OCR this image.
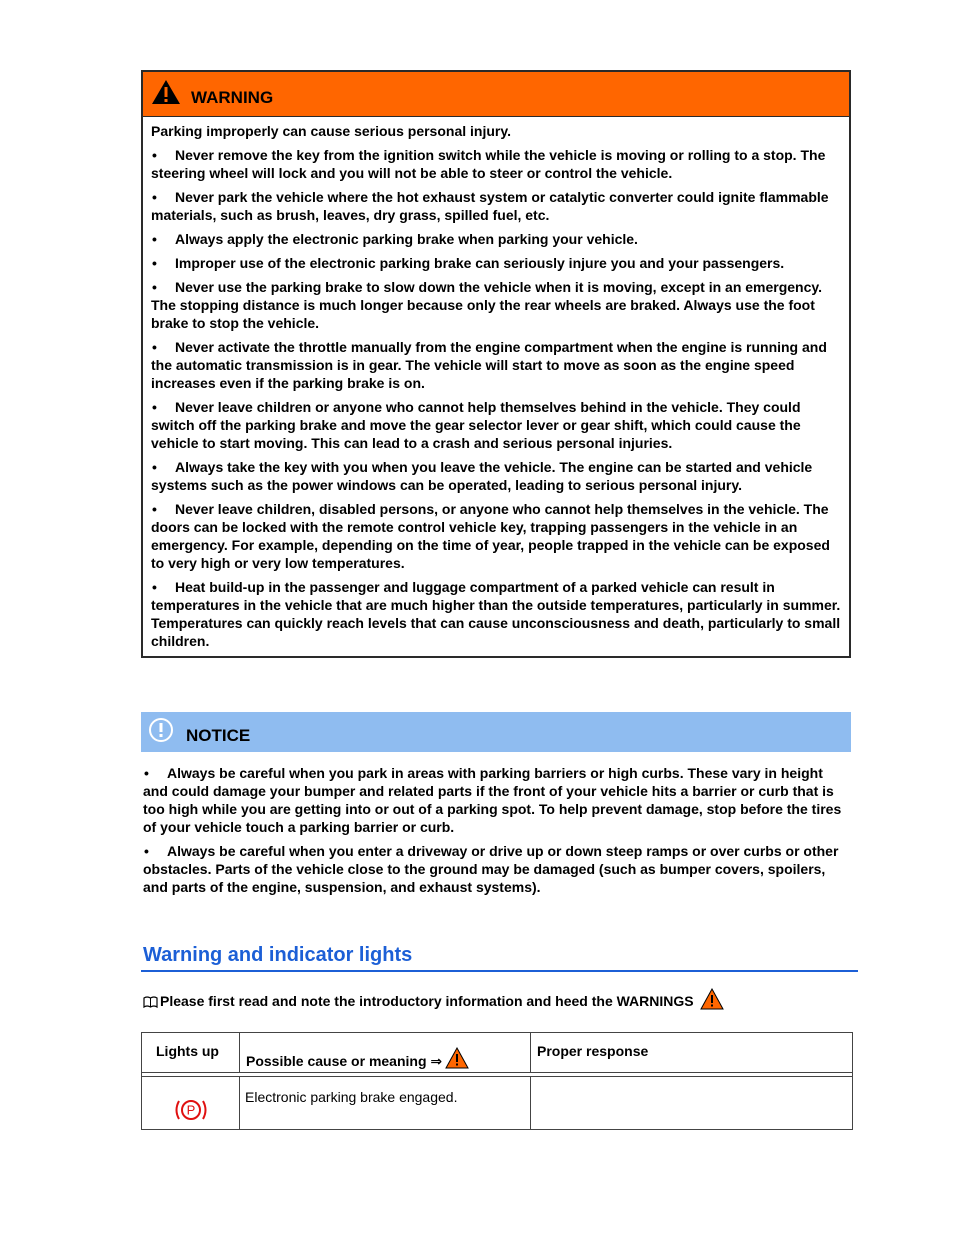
WARNING

Parking improperly can cause serious personal injury.

• Never remove the key from the ignition switch while the vehicle is moving or rolling to a stop. The steering wheel will lock and you will not be able to steer or control the vehicle.

• Never park the vehicle where the hot exhaust system or catalytic converter could ignite flammable materials, such as brush, leaves, dry grass, spilled fuel, etc.

• Always apply the electronic parking brake when parking your vehicle.

• Improper use of the electronic parking brake can seriously injure you and your passengers.

• Never use the parking brake to slow down the vehicle when it is moving, except in an emergency. The stopping distance is much longer because only the rear wheels are braked. Always use the foot brake to stop the vehicle.

• Never activate the throttle manually from the engine compartment when the engine is running and the automatic transmission is in gear. The vehicle will start to move as soon as the engine speed increases even if the parking brake is on.

• Never leave children or anyone who cannot help themselves behind in the vehicle. They could switch off the parking brake and move the gear selector lever or gear shift, which could cause the vehicle to start moving. This can lead to a crash and serious personal injuries.

• Always take the key with you when you leave the vehicle. The engine can be started and vehicle systems such as the power windows can be operated, leading to serious personal injury.

• Never leave children, disabled persons, or anyone who cannot help themselves in the vehicle. The doors can be locked with the remote control vehicle key, trapping passengers in the vehicle in an emergency. For example, depending on the time of year, people trapped in the vehicle can be exposed to very high or very low temperatures.

• Heat build-up in the passenger and luggage compartment of a parked vehicle can result in temperatures in the vehicle that are much higher than the outside temperatures, particularly in summer. Temperatures can quickly reach levels that can cause unconsciousness and death, particularly to small children.

NOTICE

• Always be careful when you park in areas with parking barriers or high curbs. These vary in height and could damage your bumper and related parts if the front of your vehicle hits a barrier or curb that is too high while you are getting into or out of a parking spot. To help prevent damage, stop before the tires of your vehicle touch a parking barrier or curb.

• Always be careful when you enter a driveway or drive up or down steep ramps or over curbs or other obstacles. Parts of the vehicle close to the ground may be damaged (such as bumper covers, spoilers, and parts of the engine, suspension, and exhaust systems).

Warning and indicator lights
Please first read and note the introductory information and heed the WARNINGS
Lights up	Possible cause or meaning ⇒	Proper response

P	Electronic parking brake engaged.	
